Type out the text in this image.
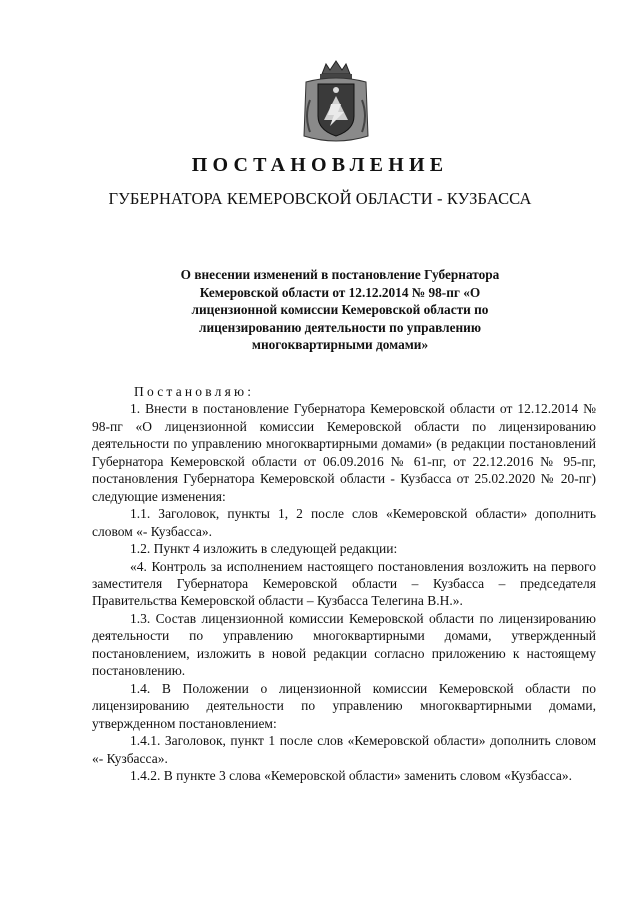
ПОСТАНОВЛЕНИЕ
ГУБЕРНАТОРА КЕМЕРОВСКОЙ ОБЛАСТИ - КУЗБАССА
О внесении изменений в постановление Губернатора
Кемеровской области от 12.12.2014 № 98-пг «О
лицензионной комиссии Кемеровской области по
лицензированию деятельности по управлению
многоквартирными домами»

Постановляю:

1. Внести в постановление Губернатора Кемеровской области от 12.12.2014 № 98-пг «О лицензионной комиссии Кемеровской области по лицензированию деятельности по управлению многоквартирными домами» (в редакции постановлений Губернатора Кемеровской области от 06.09.2016 № 61-пг, от 22.12.2016 № 95-пг, постановления Губернатора Кемеровской области - Кузбасса от 25.02.2020 № 20-пг) следующие изменения:

1.1. Заголовок, пункты 1, 2 после слов «Кемеровской области» дополнить словом «- Кузбасса».

1.2. Пункт 4 изложить в следующей редакции:

«4. Контроль за исполнением настоящего постановления возложить на первого заместителя Губернатора Кемеровской области – Кузбасса – председателя Правительства Кемеровской области – Кузбасса Телегина В.Н.».

1.3. Состав лицензионной комиссии Кемеровской области по лицензированию деятельности по управлению многоквартирными домами, утвержденный постановлением, изложить в новой редакции согласно приложению к настоящему постановлению.

1.4. В Положении о лицензионной комиссии Кемеровской области по лицензированию деятельности по управлению многоквартирными домами, утвержденном постановлением:

1.4.1. Заголовок, пункт 1 после слов «Кемеровской области» дополнить словом «- Кузбасса».

1.4.2. В пункте 3 слова «Кемеровской области» заменить словом «Кузбасса».
